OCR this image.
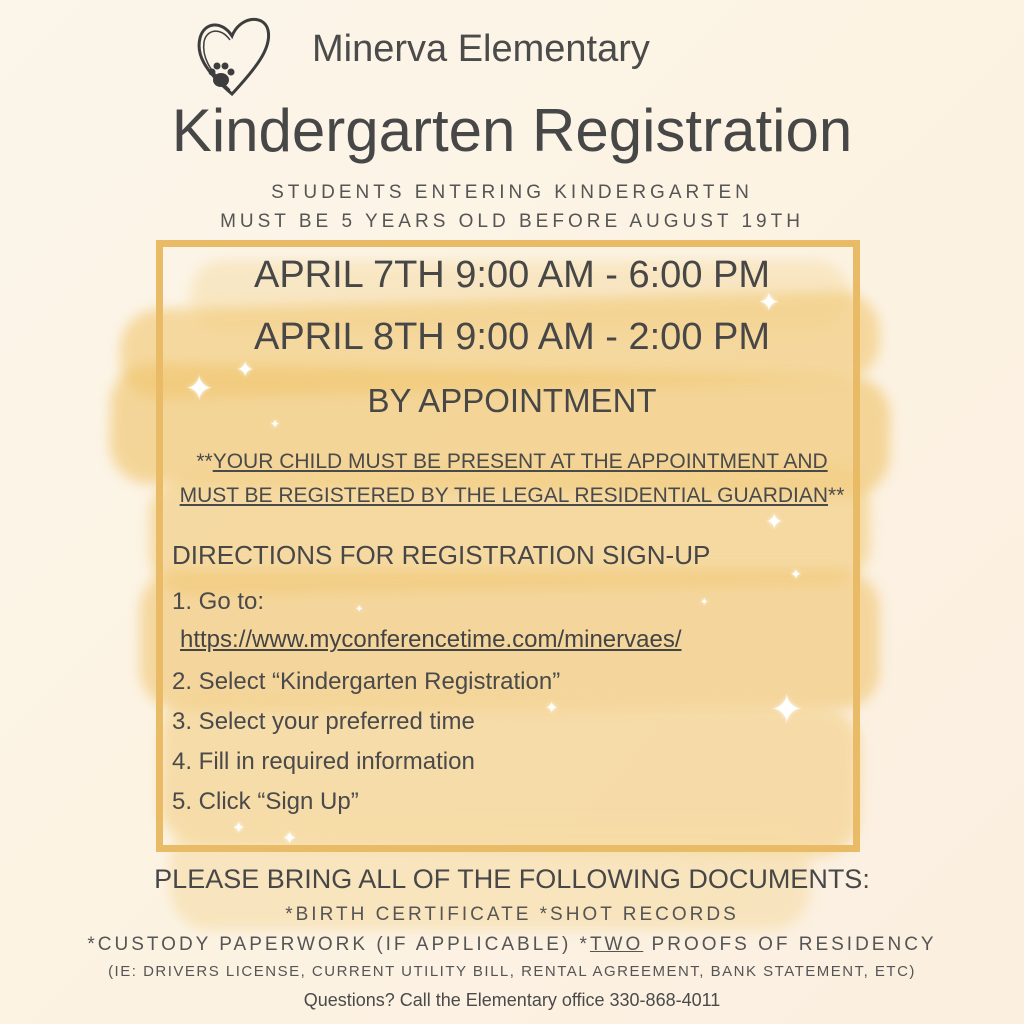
✦ ✦
✦
✦
✦
✦
✦
✦
✦
✦
✦
✦
Minerva Elementary
Kindergarten Registration
STUDENTS ENTERING KINDERGARTEN
MUST BE 5 YEARS OLD BEFORE AUGUST 19TH
APRIL 7TH 9:00 AM - 6:00 PM
APRIL 8TH 9:00 AM - 2:00 PM
BY APPOINTMENT
**YOUR CHILD MUST BE PRESENT AT THE APPOINTMENT AND
MUST BE REGISTERED BY THE LEGAL RESIDENTIAL GUARDIAN**
DIRECTIONS FOR REGISTRATION SIGN-UP
1. Go to:
https://www.myconferencetime.com/minervaes/
2. Select “Kindergarten Registration”
3. Select your preferred time
4. Fill in required information
5. Click “Sign Up”
PLEASE BRING ALL OF THE FOLLOWING DOCUMENTS:
*BIRTH CERTIFICATE *SHOT RECORDS
*CUSTODY PAPERWORK (IF APPLICABLE) *TWO PROOFS OF RESIDENCY
(IE: DRIVERS LICENSE, CURRENT UTILITY BILL, RENTAL AGREEMENT, BANK STATEMENT, ETC)
Questions? Call the Elementary office 330-868-4011
